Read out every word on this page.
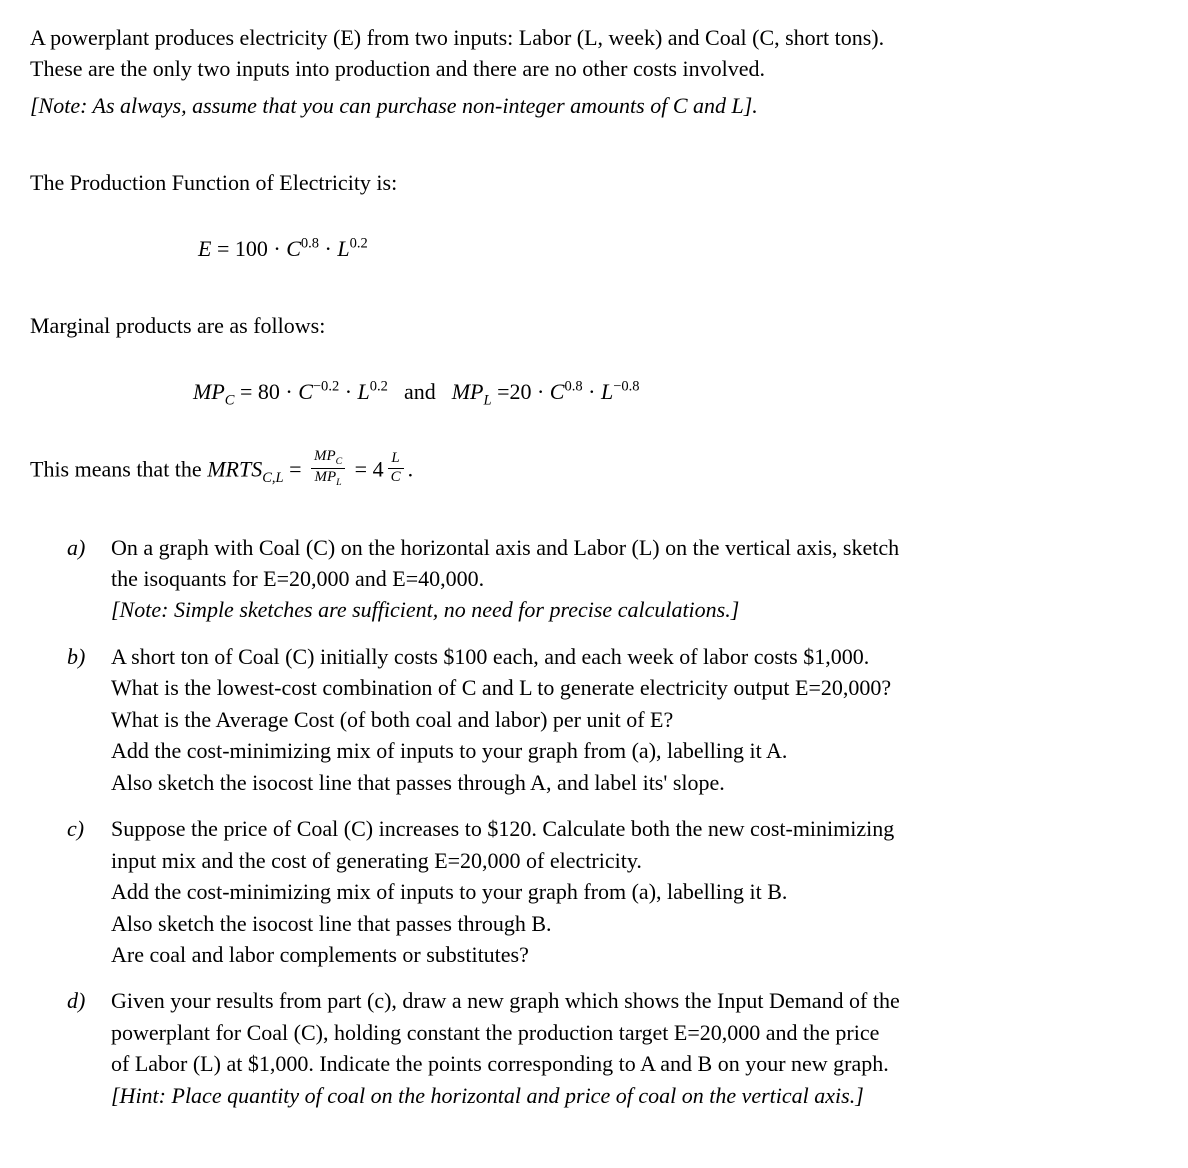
A powerplant produces electricity (E) from two inputs: Labor (L, week) and Coal (C, short tons).
These are the only two inputs into production and there are no other costs involved.
[Note: As always, assume that you can purchase non-integer amounts of C and L].
The Production Function of Electricity is:
$E = 100 \cdot C^{0.8} \cdot L^{0.2}$
Marginal products are as follows:
$MP_C = 80 \cdot C^{-0.2} \cdot L^{0.2}$ and $MP_L =20 \cdot C^{0.8} \cdot L^{-0.8}$
This means that the $MRTS_{C,L} = \frac{MP_C}{MP_L} = 4 \frac{L}{C}$ .
a)	On a graph with Coal (C) on the horizontal axis and Labor (L) on the vertical axis, sketch
the isoquants for E=20,000 and E=40,000.
[Note: Simple sketches are sufficient, no need for precise calculations.]
b)	A short ton of Coal (C) initially costs $100 each, and each week of labor costs $1,000.
What is the lowest-cost combination of C and L to generate electricity output E=20,000?
What is the Average Cost (of both coal and labor) per unit of E?
Add the cost-minimizing mix of inputs to your graph from (a), labelling it A.
Also sketch the isocost line that passes through A, and label its' slope.
c)	Suppose the price of Coal (C) increases to $120. Calculate both the new cost-minimizing
input mix and the cost of generating E=20,000 of electricity.
Add the cost-minimizing mix of inputs to your graph from (a), labelling it B.
Also sketch the isocost line that passes through B.
Are coal and labor complements or substitutes?
d)	Given your results from part (c), draw a new graph which shows the Input Demand of the
powerplant for Coal (C), holding constant the production target E=20,000 and the price
of Labor (L) at $1,000. Indicate the points corresponding to A and B on your new graph.
[Hint: Place quantity of coal on the horizontal and price of coal on the vertical axis.]
